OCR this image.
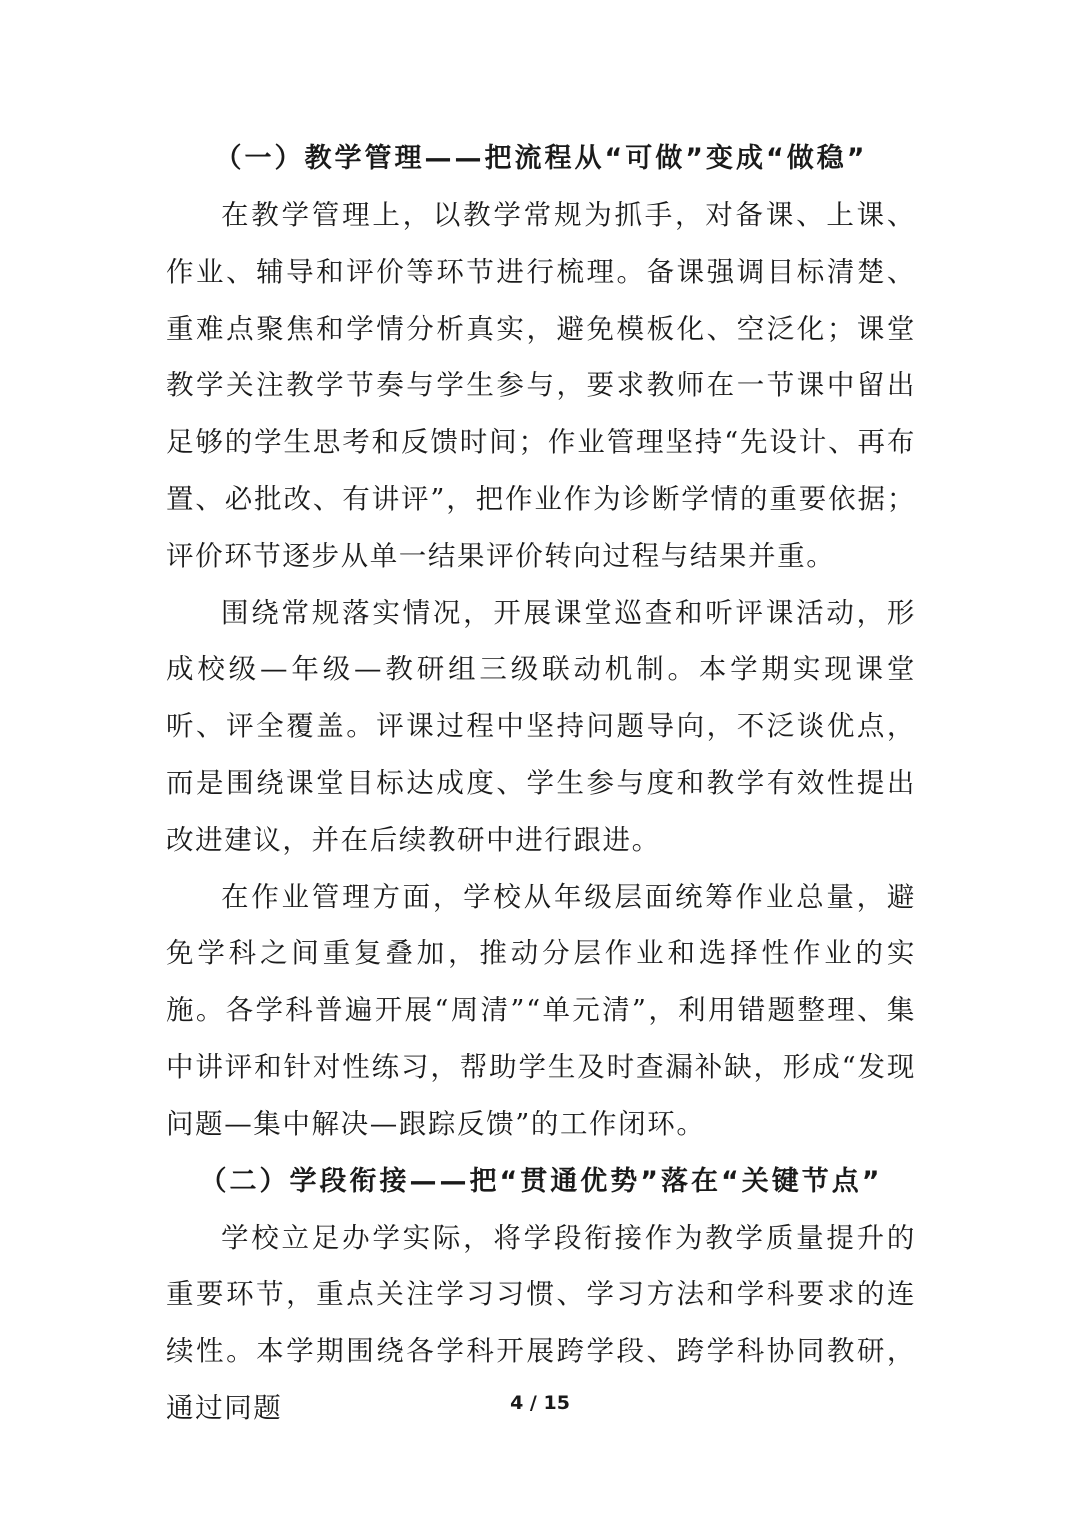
（一）教学管理——把流程从“可做”变成“做稳”

在教学管理上，以教学常规为抓手，对备课、上课、作业、辅导和评价等环节进行梳理。备课强调目标清楚、重难点聚焦和学情分析真实，避免模板化、空泛化；课堂教学关注教学节奏与学生参与，要求教师在一节课中留出足够的学生思考和反馈时间；作业管理坚持“先设计、再布置、必批改、有讲评”，把作业作为诊断学情的重要依据；评价环节逐步从单一结果评价转向过程与结果并重。

围绕常规落实情况，开展课堂巡查和听评课活动，形成校级—年级—教研组三级联动机制。本学期实现课堂听、评全覆盖。评课过程中坚持问题导向，不泛谈优点，而是围绕课堂目标达成度、学生参与度和教学有效性提出改进建议，并在后续教研中进行跟进。

在作业管理方面，学校从年级层面统筹作业总量，避免学科之间重复叠加，推动分层作业和选择性作业的实施。各学科普遍开展“周清”“单元清”，利用错题整理、集中讲评和针对性练习，帮助学生及时查漏补缺，形成“发现问题—集中解决—跟踪反馈”的工作闭环。

（二）学段衔接——把“贯通优势”落在“关键节点”

学校立足办学实际，将学段衔接作为教学质量提升的重要环节，重点关注学习习惯、学习方法和学科要求的连续性。本学期围绕各学科开展跨学段、跨学科协同教研，通过同题	4 / 15
